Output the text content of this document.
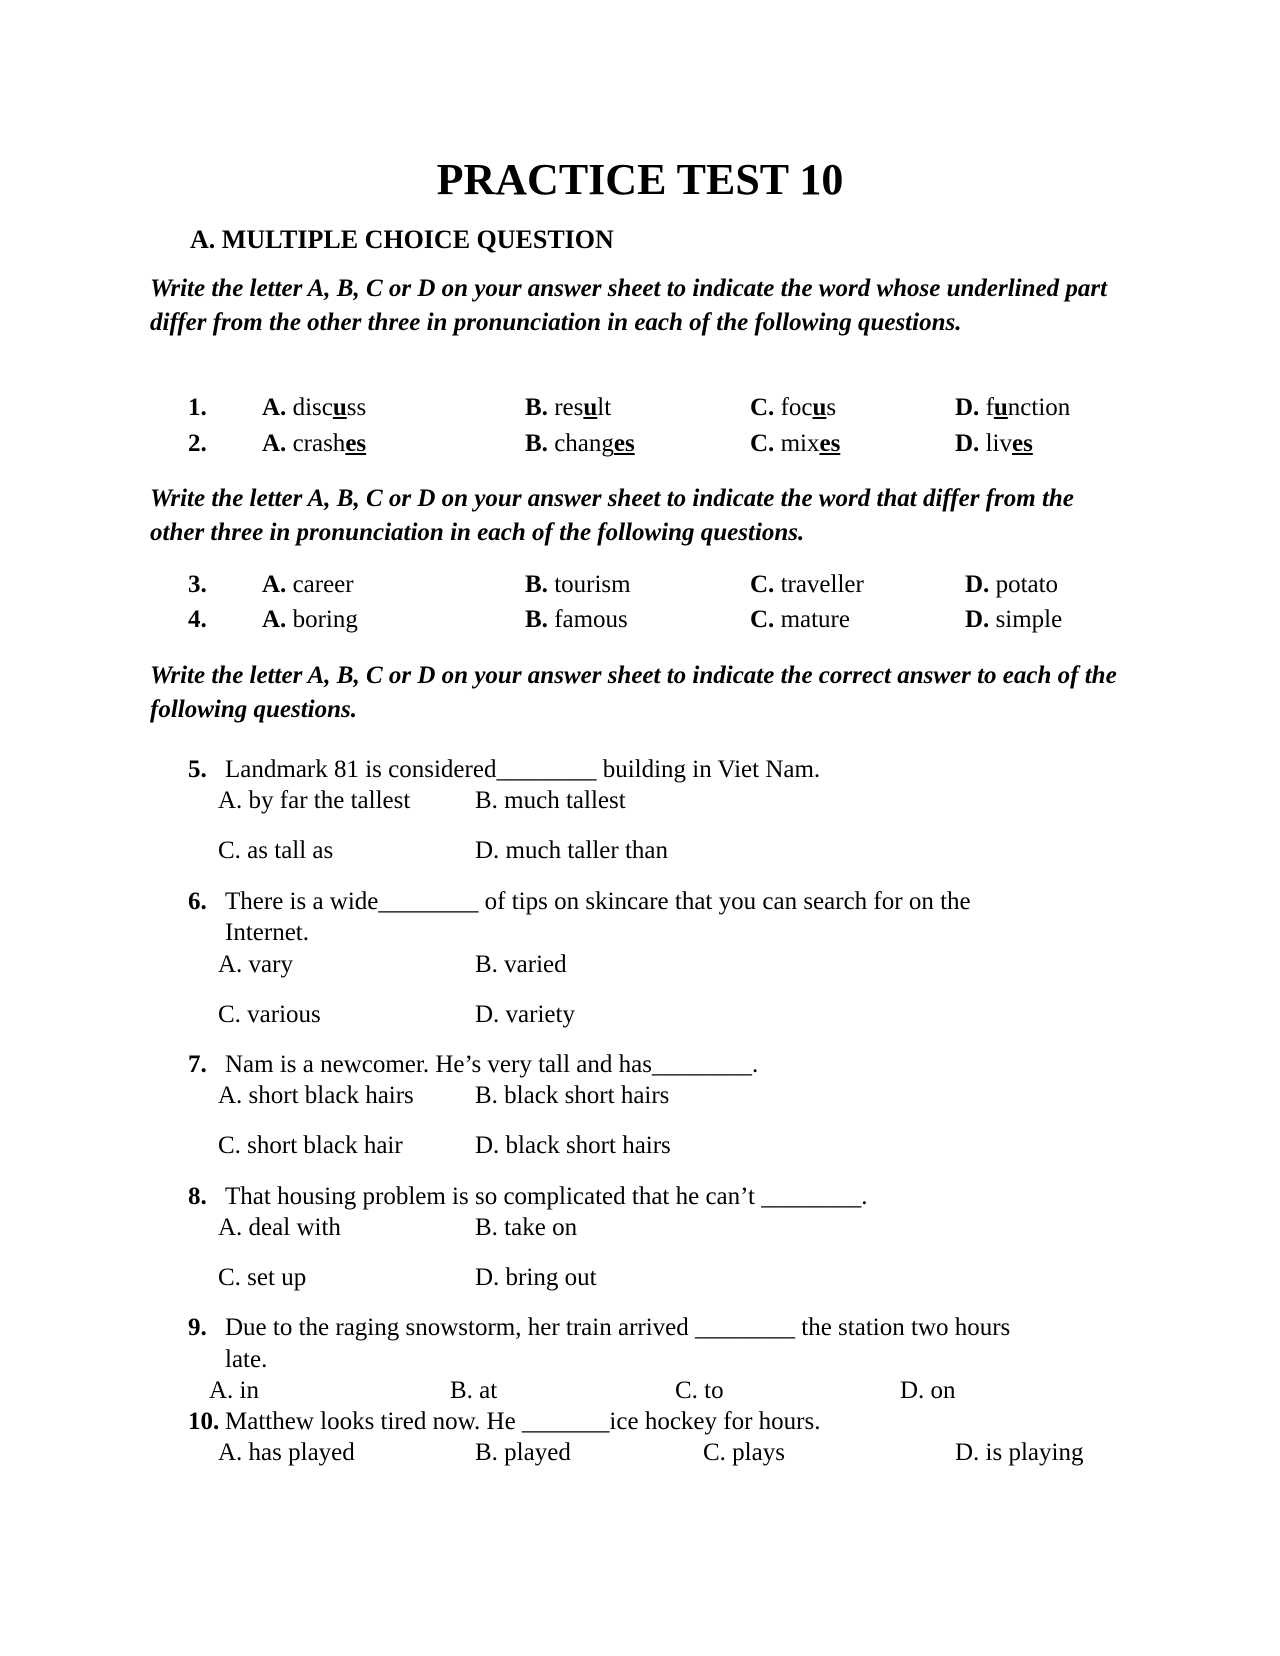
PRACTICE TEST 10
A. MULTIPLE CHOICE QUESTION
Write the letter A, B, C or D on your answer sheet to indicate the word whose underlined part differ from the other three in pronunciation in each of the following questions.
1. A. discuss	B. result	C. focus	D. function
2. A. crashes	B. changes	C. mixes	D. lives
Write the letter A, B, C or D on your answer sheet to indicate the word that differ from the other three in pronunciation in each of the following questions.
3. A. career	B. tourism	C. traveller	D. potato
4. A. boring	B. famous	C. mature	D. simple
Write the letter A, B, C or D on your answer sheet to indicate the correct answer to each of the following questions.
5. Landmark 81 is considered________ building in Viet Nam.
A. by far the tallest	B. much tallest
C. as tall as	D. much taller than
6. There is a wide________ of tips on skincare that you can search for on the
Internet.
A. vary	B. varied
C. various	D. variety
7. Nam is a newcomer. He’s very tall and has________.
A. short black hairs B. black short hairs
C. short black hair	D. black short hairs
8. That housing problem is so complicated that he can’t ________.
A. deal with	B. take on
C. set up	D. bring out
9. Due to the raging snowstorm, her train arrived ________ the station two hours
late.
A. in	B. at	C. to	D. on
10. Matthew looks tired now. He _______ice hockey for hours.
A. has played	B. played	C. plays	D. is playing
